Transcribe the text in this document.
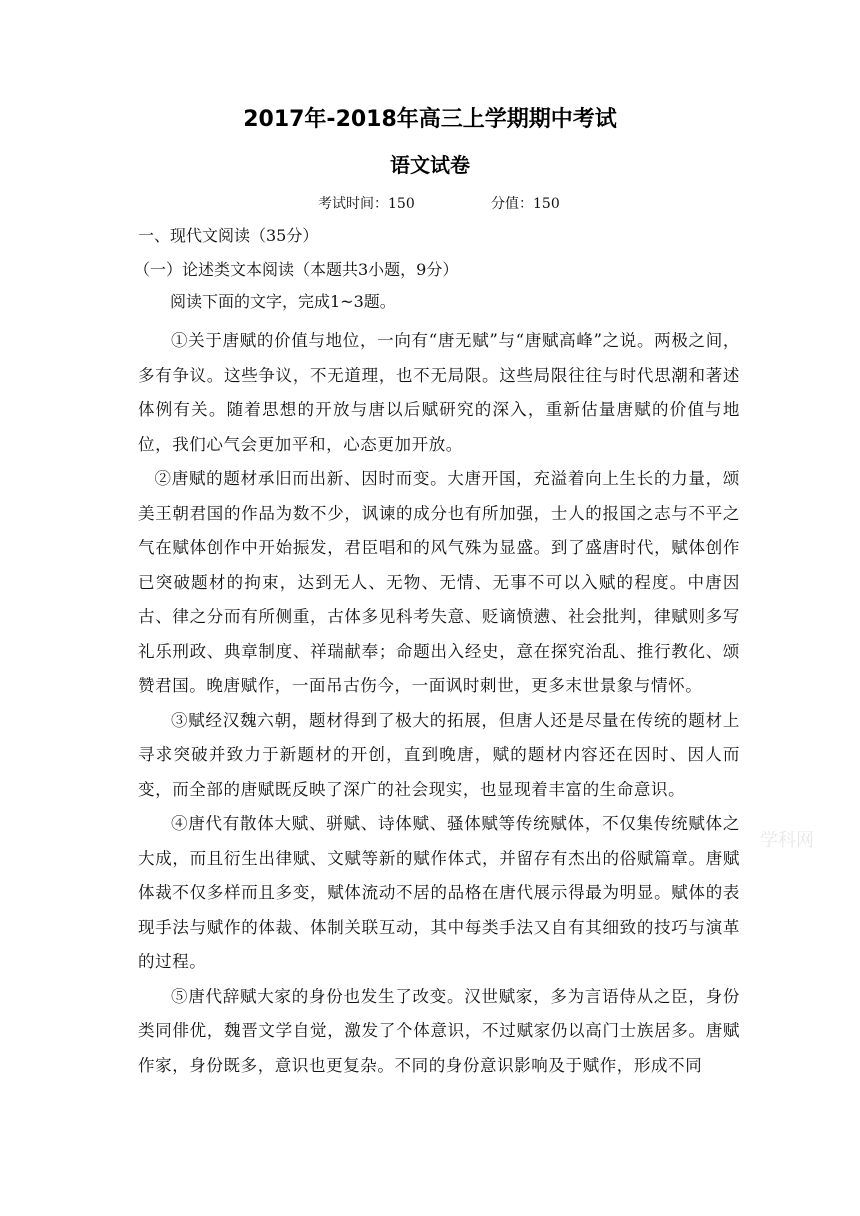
2017年-2018年高三上学期期中考试
语文试卷
考试时间：150	分值：150

一、现代文阅读（35分）

（一）论述类文本阅读（本题共3小题，9分）

阅读下面的文字，完成1~3题。

①关于唐赋的价值与地位，一向有“唐无赋”与“唐赋高峰”之说。两极之间，多有争议。这些争议，不无道理，也不无局限。这些局限往往与时代思潮和著述体例有关。随着思想的开放与唐以后赋研究的深入，重新估量唐赋的价值与地位，我们心气会更加平和，心态更加开放。

②唐赋的题材承旧而出新、因时而变。大唐开国，充溢着向上生长的力量，颂美王朝君国的作品为数不少，讽谏的成分也有所加强，士人的报国之志与不平之气在赋体创作中开始振发，君臣唱和的风气殊为显盛。到了盛唐时代，赋体创作已突破题材的拘束，达到无人、无物、无情、无事不可以入赋的程度。中唐因古、律之分而有所侧重，古体多见科考失意、贬谪愤懑、社会批判，律赋则多写礼乐刑政、典章制度、祥瑞献奉；命题出入经史，意在探究治乱、推行教化、颂赞君国。晚唐赋作，一面吊古伤今，一面讽时刺世，更多末世景象与情怀。

③赋经汉魏六朝，题材得到了极大的拓展，但唐人还是尽量在传统的题材上寻求突破并致力于新题材的开创，直到晚唐，赋的题材内容还在因时、因人而变，而全部的唐赋既反映了深广的社会现实，也显现着丰富的生命意识。

④唐代有散体大赋、骈赋、诗体赋、骚体赋等传统赋体，不仅集传统赋体之大成，而且衍生出律赋、文赋等新的赋作体式，并留存有杰出的俗赋篇章。唐赋体裁不仅多样而且多变，赋体流动不居的品格在唐代展示得最为明显。赋体的表现手法与赋作的体裁、体制关联互动，其中每类手法又自有其细致的技巧与演革的过程。

⑤唐代辞赋大家的身份也发生了改变。汉世赋家，多为言语侍从之臣，身份类同俳优，魏晋文学自觉，激发了个体意识，不过赋家仍以高门士族居多。唐赋作家，身份既多，意识也更复杂。不同的身份意识影响及于赋作，形成不同

学科网
